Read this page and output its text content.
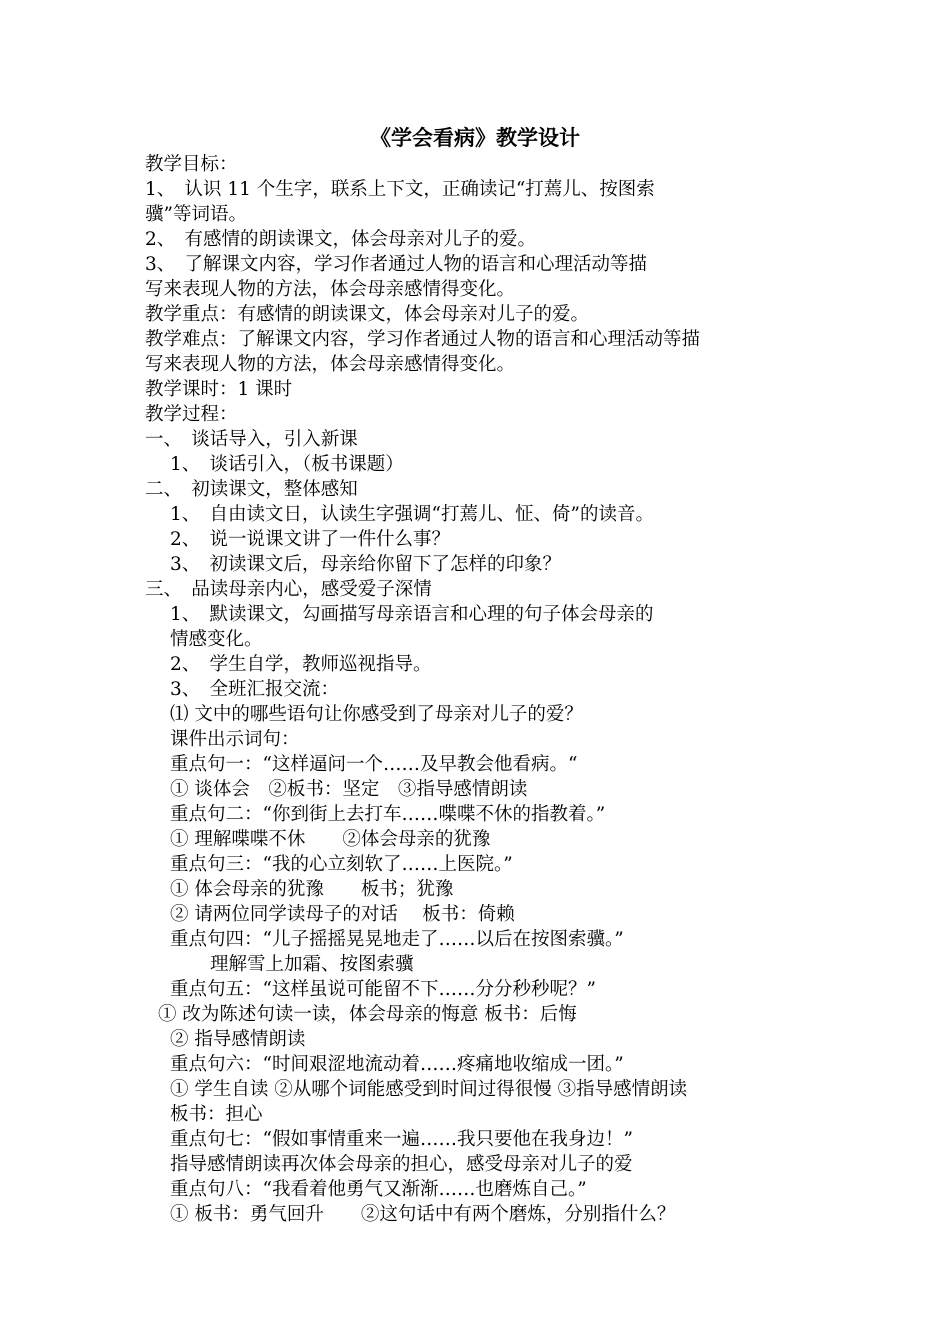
《学会看病》教学设计
教学目标：
1、　认识 11 个生字，联系上下文，正确读记“打蔫儿、按图索
骥”等词语。
2、　有感情的朗读课文，体会母亲对儿子的爱。
3、　了解课文内容，学习作者通过人物的语言和心理活动等描
写来表现人物的方法，体会母亲感情得变化。
教学重点：有感情的朗读课文，体会母亲对儿子的爱。
教学难点：了解课文内容，学习作者通过人物的语言和心理活动等描
写来表现人物的方法，体会母亲感情得变化。
教学课时：1 课时
教学过程：
一、　谈话导入，引入新课
1、　谈话引入，（板书课题）
二、　初读课文，整体感知
1、　自由读文日，认读生字强调“打蔫儿、怔、倚”的读音。
2、　说一说课文讲了一件什么事？
3、　初读课文后，母亲给你留下了怎样的印象？
三、　品读母亲内心，感受爱子深情
1、　默读课文，勾画描写母亲语言和心理的句子体会母亲的
情感变化。
2、　学生自学，教师巡视指导。
3、　全班汇报交流：
⑴ 文中的哪些语句让你感受到了母亲对儿子的爱？
课件出示词句：
重点句一：“这样逼问一个……及早教会他看病。“
① 谈体会　②板书：坚定　③指导感情朗读
重点句二：“你到街上去打车……喋喋不休的指教着。”
① 理解喋喋不休　　②体会母亲的犹豫
重点句三：“我的心立刻软了……上医院。”
① 体会母亲的犹豫　　板书；犹豫
② 请两位同学读母子的对话　 板书：倚赖
重点句四：“儿子摇摇晃晃地走了……以后在按图索骥。”
理解雪上加霜、按图索骥
重点句五：“这样虽说可能留不下……分分秒秒呢？”
① 改为陈述句读一读，体会母亲的悔意 板书：后悔
② 指导感情朗读
重点句六：“时间艰涩地流动着……疼痛地收缩成一团。”
① 学生自读 ②从哪个词能感受到时间过得很慢 ③指导感情朗读
板书：担心
重点句七：“假如事情重来一遍……我只要他在我身边！”
指导感情朗读再次体会母亲的担心，感受母亲对儿子的爱
重点句八：“我看着他勇气又渐渐……也磨炼自己。”
① 板书：勇气回升　　②这句话中有两个磨炼，分别指什么？
